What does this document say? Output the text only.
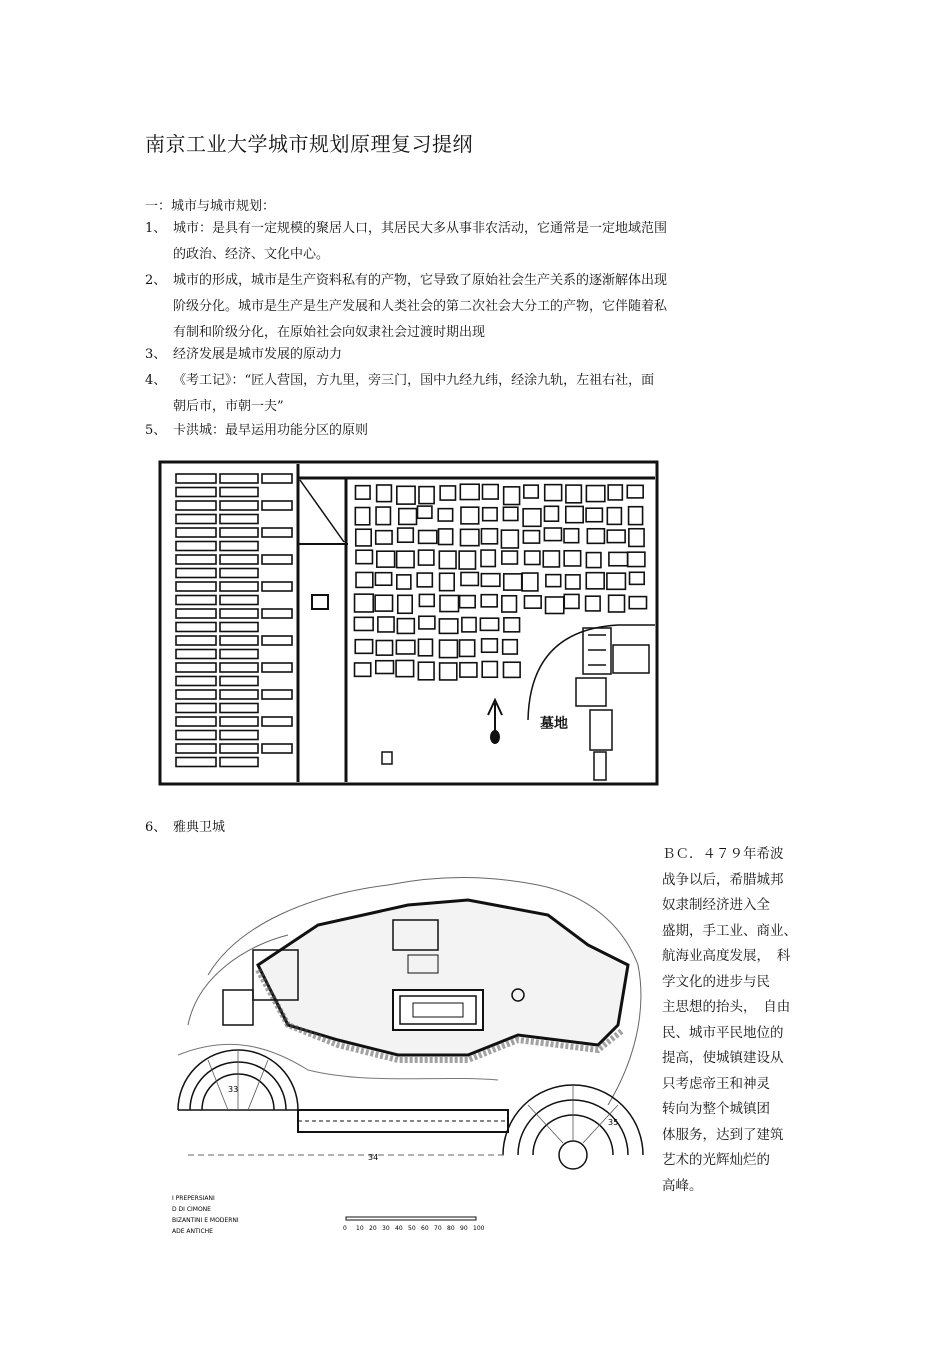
南京工业大学城市规划原理复习提纲
一：城市与城市规划：
1、 城市：是具有一定规模的聚居人口，其居民大多从事非农活动，它通常是一定地域范围
的政治、经济、文化中心。
2、 城市的形成，城市是生产资料私有的产物，它导致了原始社会生产关系的逐渐解体出现
阶级分化。城市是生产是生产发展和人类社会的第二次社会大分工的产物，它伴随着私
有制和阶级分化，在原始社会向奴隶社会过渡时期出现
3、 经济发展是城市发展的原动力
4、 《考工记》：“匠人营国，方九里，旁三门，国中九经九纬，经涂九轨，左祖右社，面
朝后市，市朝一夫”
5、 卡洪城：最早运用功能分区的原则
6、 雅典卫城
墓地
33
34
35
I PREPERSIANI
D DI CIMONE
BIZANTINI E MODERNI
ADE ANTICHE	0 10 20 30 40 50 60 70 80 90 100
ＢＣ．４７９年希波
战争以后，希腊城邦
奴隶制经济进入全
盛期，手工业、商业、
航海业高度发展，　科
学文化的进步与民
主思想的抬头，　自由
民、城市平民地位的
提高，使城镇建设从
只考虑帝王和神灵
转向为整个城镇团
体服务，达到了建筑
艺术的光辉灿烂的
高峰。
